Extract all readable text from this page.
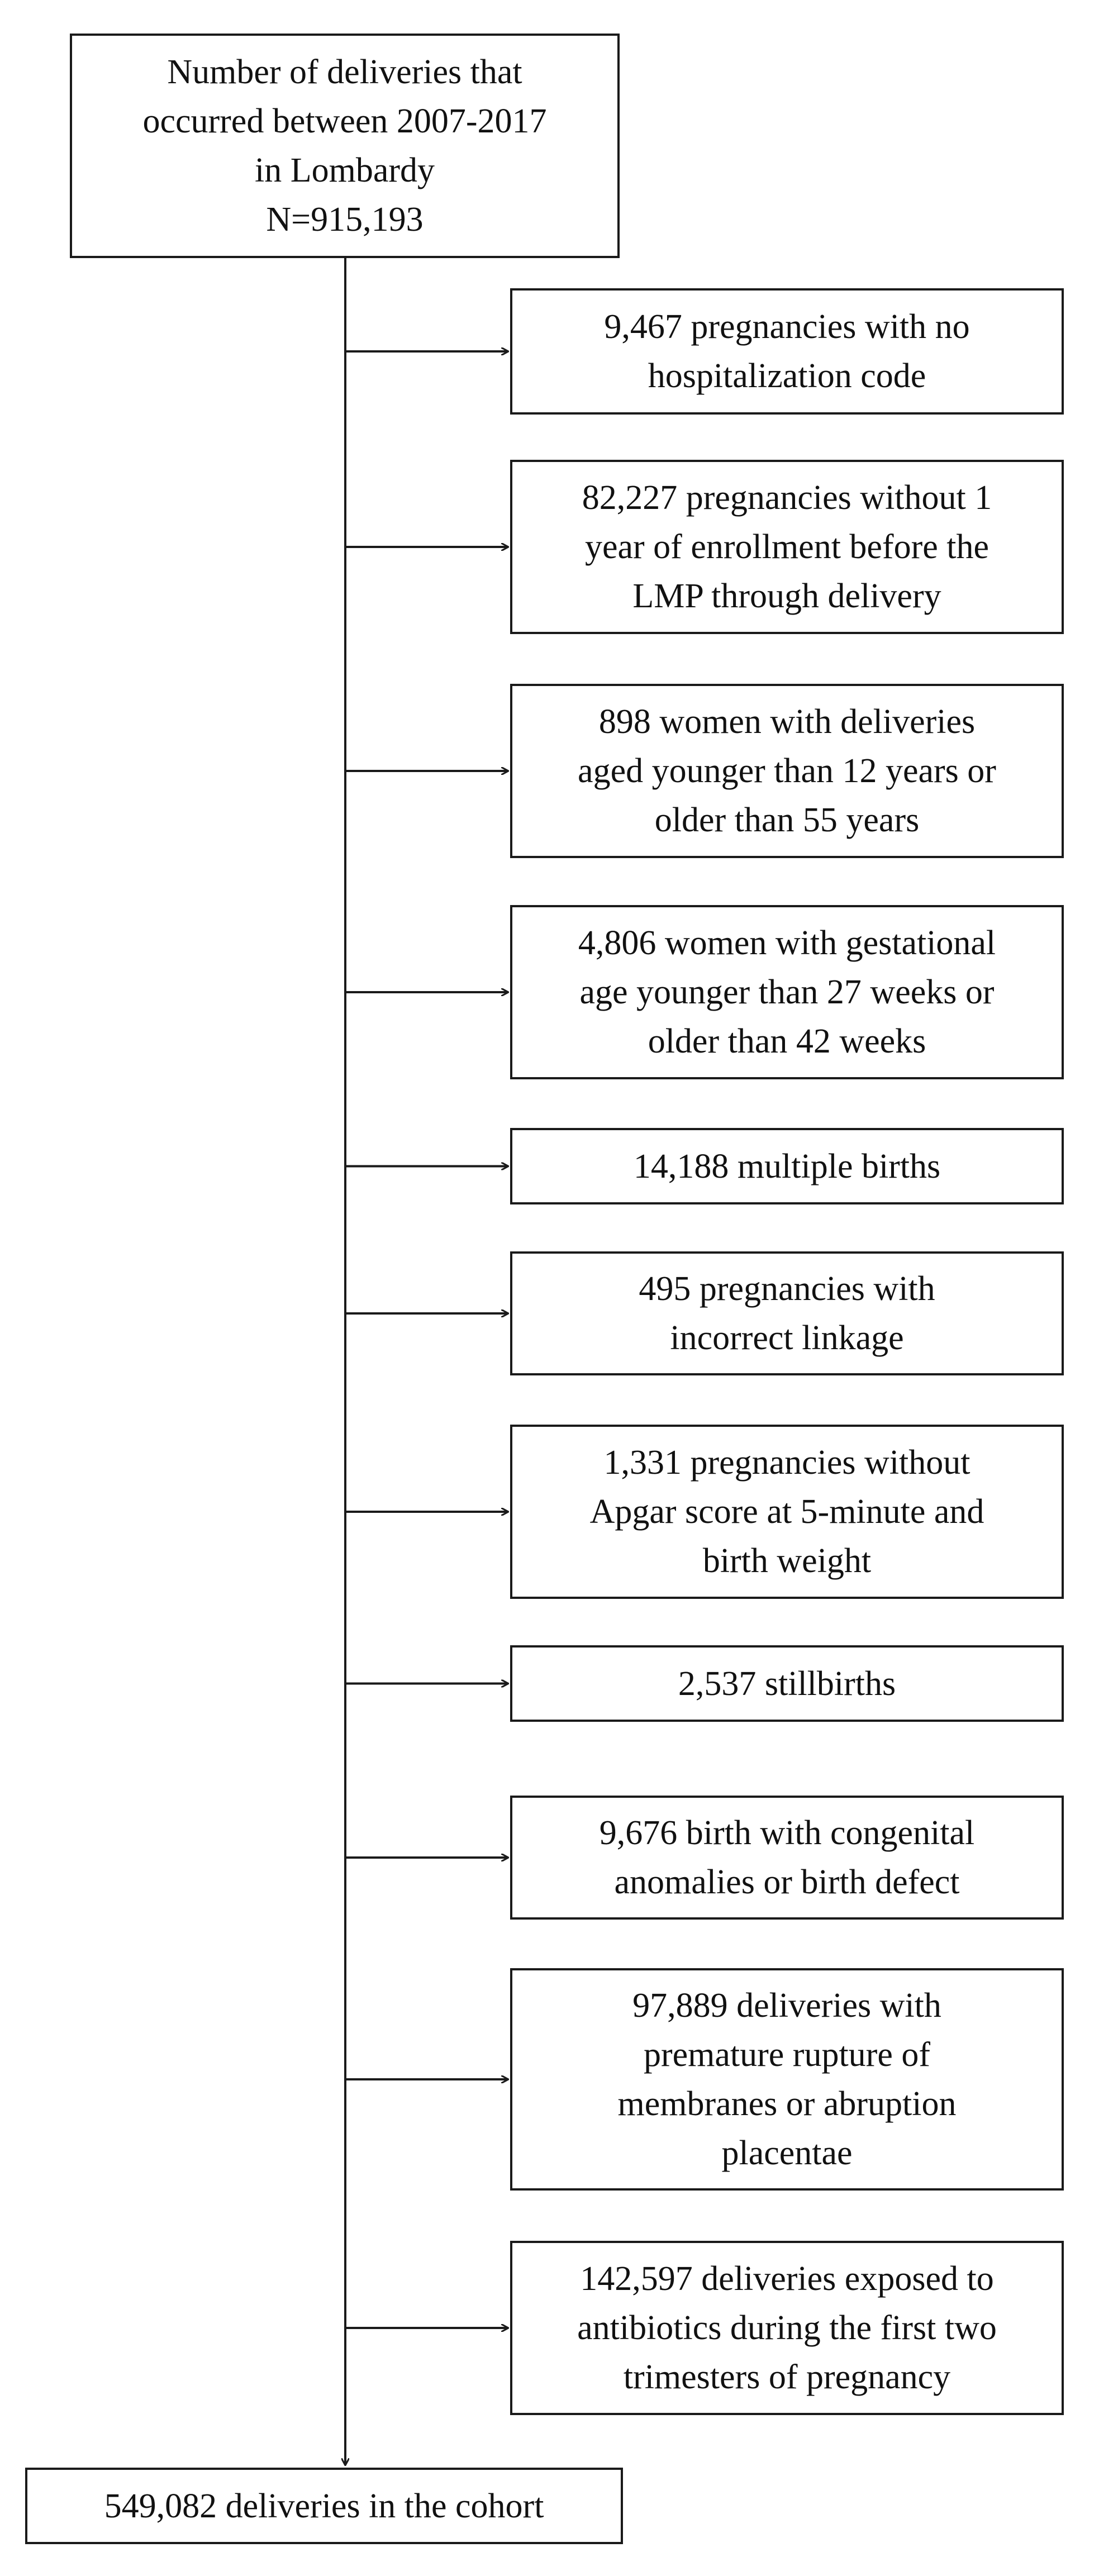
Number of deliveries that
occurred between 2007-2017
in Lombardy
N=915,193
9,467 pregnancies with no
hospitalization code
82,227 pregnancies without 1
year of enrollment before the
LMP through delivery
898 women with deliveries
aged younger than 12 years or
older than 55 years
4,806 women with gestational
age younger than 27 weeks or
older than 42 weeks
14,188 multiple births
495 pregnancies with
incorrect linkage
1,331 pregnancies without
Apgar score at 5-minute and
birth weight
2,537 stillbirths
9,676 birth with congenital
anomalies or birth defect
97,889 deliveries with
premature rupture of
membranes or abruption
placentae
142,597 deliveries exposed to
antibiotics during the first two
trimesters of pregnancy
549,082 deliveries in the cohort
